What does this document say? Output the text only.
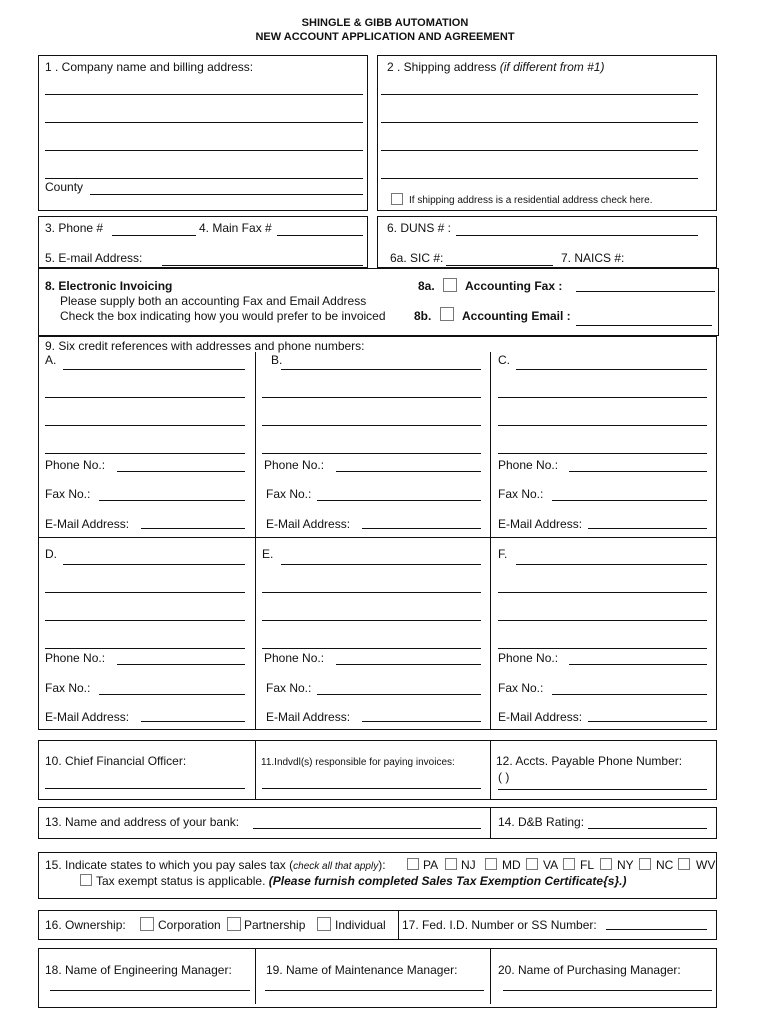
SHINGLE & GIBB AUTOMATION
NEW ACCOUNT APPLICATION AND AGREEMENT
1 . Company name and billing address:
County
2 . Shipping address (if different from #1)
If shipping address is a residential address check here.
3. Phone #	4. Main Fax #
5. E-mail Address:
6. DUNS # :
6a. SIC #:	7. NAICS #:
8. Electronic Invoicing
Please supply both an accounting Fax and Email Address
Check the box indicating how you would prefer to be invoiced
8a.	Accounting Fax :
8b.	Accounting Email :
9. Six credit references with addresses and phone numbers:
A.
Phone No.:
Fax No.:
E-Mail Address:
B.
Phone No.:
Fax No.:
E-Mail Address:
C.
Phone No.:
Fax No.:
E-Mail Address:
D.
Phone No.:
Fax No.:
E-Mail Address:
E.
Phone No.:
Fax No.:
E-Mail Address:
F.
Phone No.:
Fax No.:
E-Mail Address:
10. Chief Financial Officer:	11.Indvdl(s) responsible for paying invoices:	12. Accts. Payable Phone Number:
( )
13. Name and address of your bank:	14. D&B Rating:
15. Indicate states to which you pay sales tax (check all that apply):	PA NJ MD VA FL NY NC WV
Tax exempt status is applicable. (Please furnish completed Sales Tax Exemption Certificate{s}.)
16. Ownership:	Corporation Partnership Individual 17. Fed. I.D. Number or SS Number:
18. Name of Engineering Manager:	19. Name of Maintenance Manager:	20. Name of Purchasing Manager:
